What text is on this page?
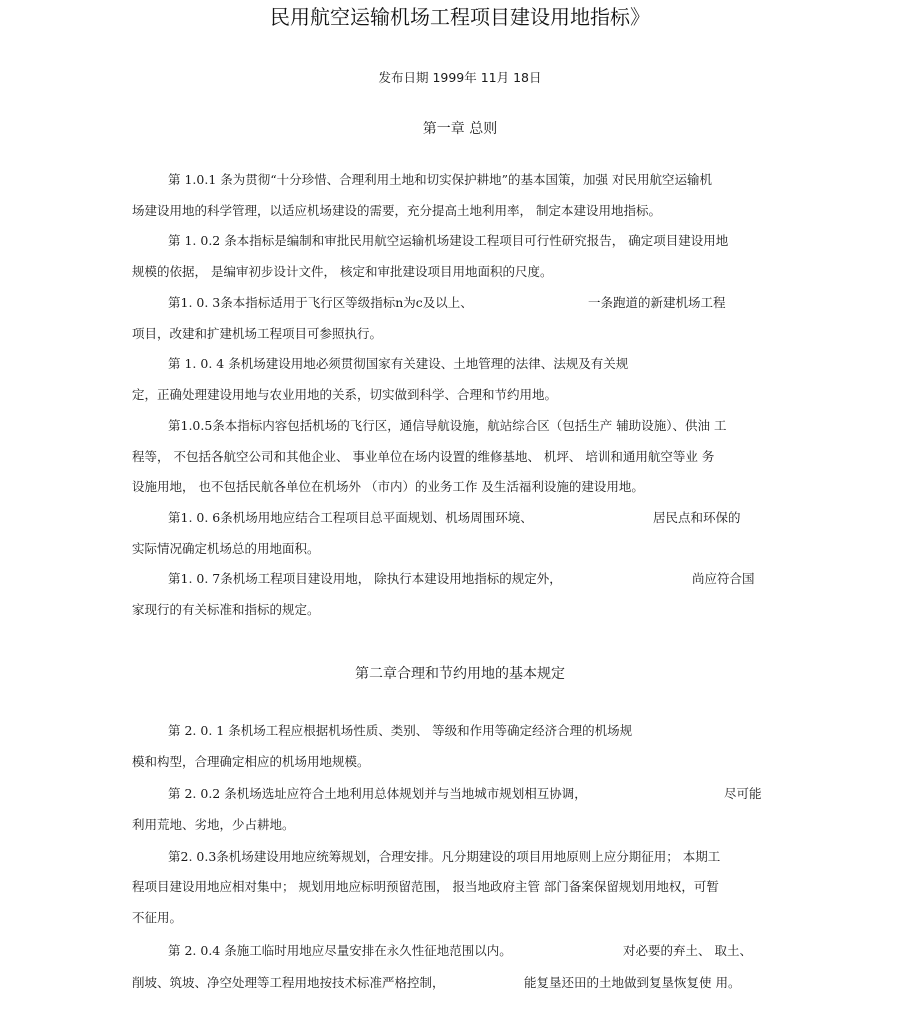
民用航空运输机场工程项目建设用地指标》
发布日期 1999年 11月 18日
第一章 总则
第 1.0.1 条为贯彻“十分珍惜、合理利用土地和切实保护耕地”的基本国策，加强 对民用航空运输机
场建设用地的科学管理，以适应机场建设的需要，充分提高土地利用率， 制定本建设用地指标。
第 1. 0.2 条本指标是编制和审批民用航空运输机场建设工程项目可行性研究报告， 确定项目建设用地
规模的依据， 是编审初步设计文件， 核定和审批建设项目用地面积的尺度。
第1. 0. 3条本指标适用于飞行区等级指标n为c及以上、	一条跑道的新建机场工程
项目，改建和扩建机场工程项目可参照执行。
第 1. 0. 4 条机场建设用地必须贯彻国家有关建设、土地管理的法律、法规及有关规
定，正确处理建设用地与农业用地的关系，切实做到科学、合理和节约用地。
第1.0.5条本指标内容包括机场的飞行区，通信导航设施，航站综合区（包括生产 辅助设施）、供油 工
程等， 不包括各航空公司和其他企业、 事业单位在场内设置的维修基地、 机坪、 培训和通用航空等业 务
设施用地， 也不包括民航各单位在机场外 （市内）的业务工作 及生活福利设施的建设用地。
第1. 0. 6条机场用地应结合工程项目总平面规划、机场周围环境、	居民点和环保的
实际情况确定机场总的用地面积。
第1. 0. 7条机场工程项目建设用地， 除执行本建设用地指标的规定外，	尚应符合国
家现行的有关标准和指标的规定。
第二章合理和节约用地的基本规定
第 2. 0. 1 条机场工程应根据机场性质、类别、 等级和作用等确定经济合理的机场规
模和构型，合理确定相应的机场用地规模。
第 2. 0.2 条机场选址应符合土地利用总体规划并与当地城市规划相互协调，	尽可能
利用荒地、劣地，少占耕地。
第2. 0.3条机场建设用地应统筹规划，合理安排。凡分期建设的项目用地原则上应分期征用； 本期工
程项目建设用地应相对集中； 规划用地应标明预留范围， 报当地政府主管 部门备案保留规划用地权，可暂
不征用。
第 2. 0.4 条施工临时用地应尽量安排在永久性征地范围以内。	对必要的弃土、 取土、
削坡、筑坡、净空处理等工程用地按技术标准严格控制，	能复垦还田的土地做到复垦恢复使 用。
